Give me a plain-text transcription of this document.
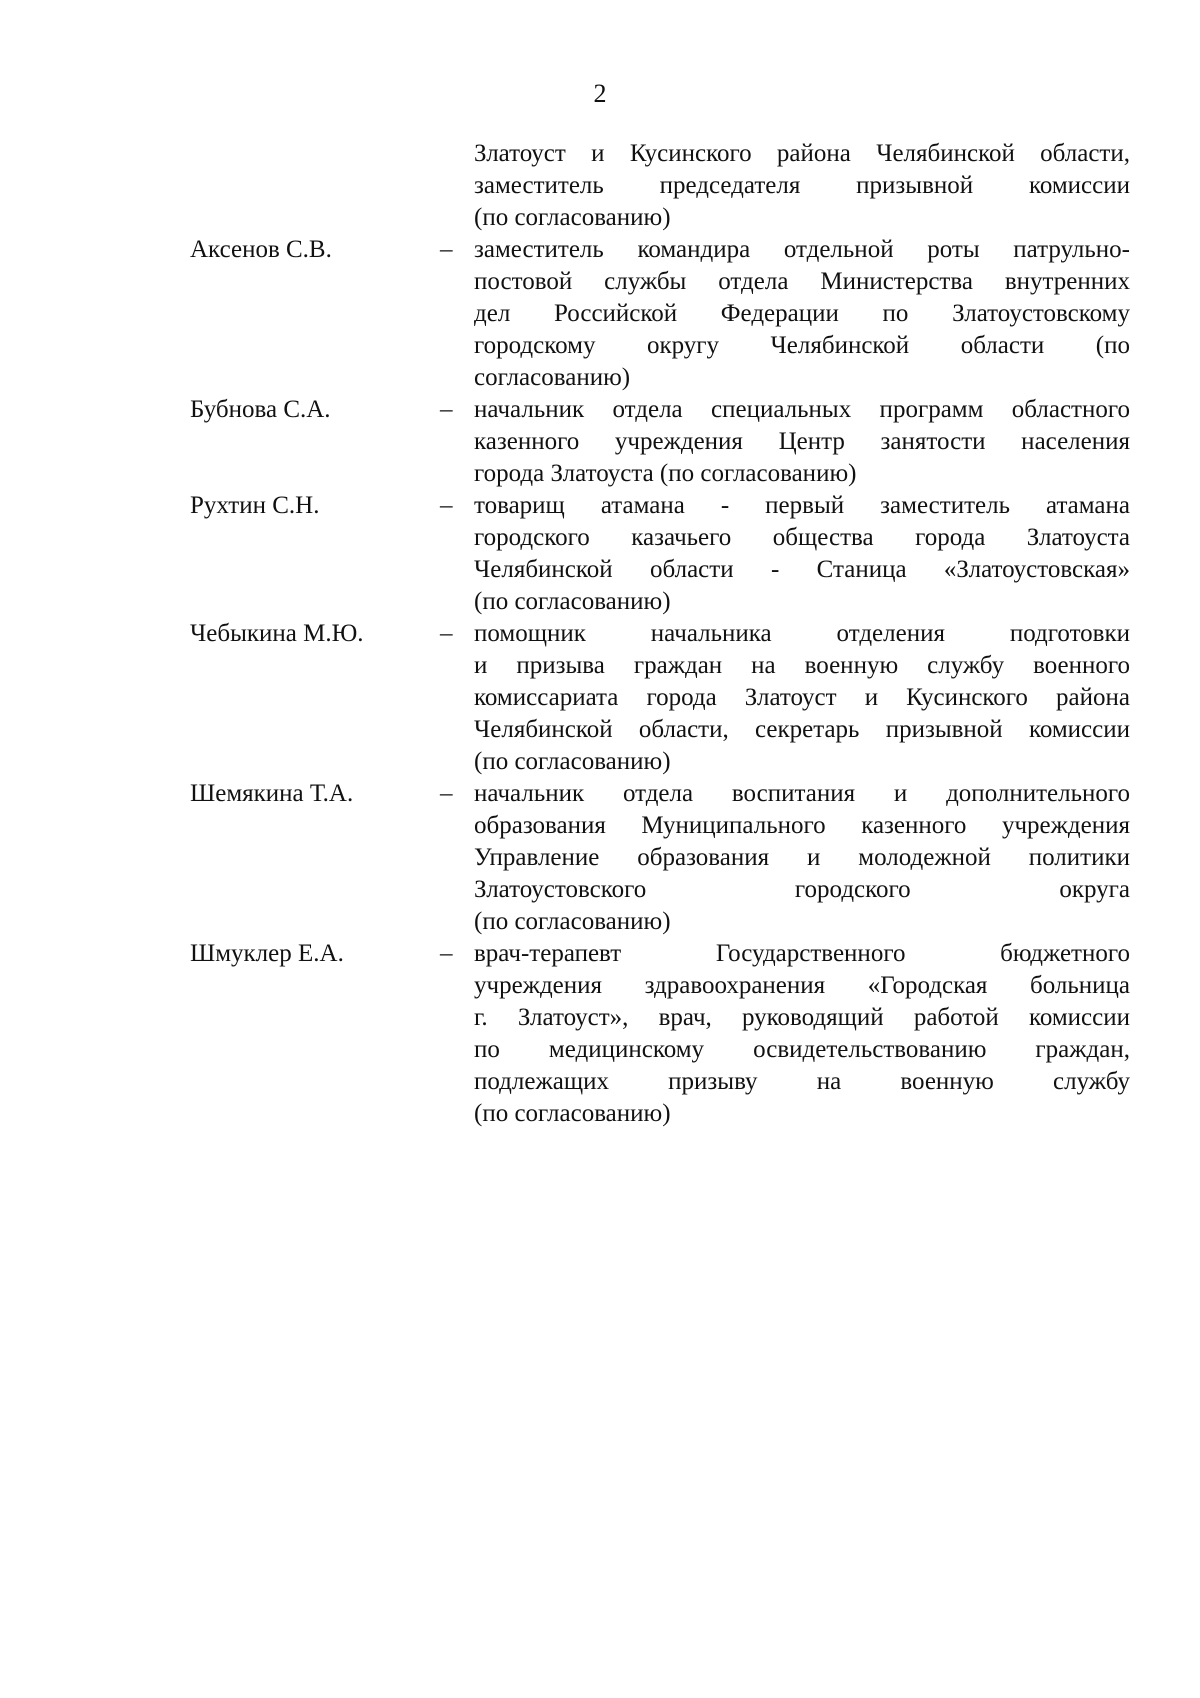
2
Златоуст и Кусинского района Челябинской области,
заместитель председателя призывной комиссии
(по согласованию)
Аксенов С.В.	– заместитель командира отдельной роты патрульно-
постовой службы отдела Министерства внутренних
дел Российской Федерации по Златоустовскому
городскому округу Челябинской области (по
согласованию)
Бубнова С.А.	– начальник отдела специальных программ областного
казенного учреждения Центр занятости населения
города Златоуста (по согласованию)
Рухтин С.Н.	– товарищ атамана - первый заместитель атамана
городского казачьего общества города Златоуста
Челябинской области - Станица «Златоустовская»
(по согласованию)
Чебыкина М.Ю.	– помощник начальника отделения подготовки
и призыва граждан на военную службу военного
комиссариата города Златоуст и Кусинского района
Челябинской области, секретарь призывной комиссии
(по согласованию)
Шемякина Т.А.	– начальник отдела воспитания и дополнительного
образования Муниципального казенного учреждения
Управление образования и молодежной политики
Златоустовского городского округа
(по согласованию)
Шмуклер Е.А.	– врач-терапевт Государственного бюджетного
учреждения здравоохранения «Городская больница
г. Златоуст», врач, руководящий работой комиссии
по медицинскому освидетельствованию граждан,
подлежащих призыву на военную службу
(по согласованию)
